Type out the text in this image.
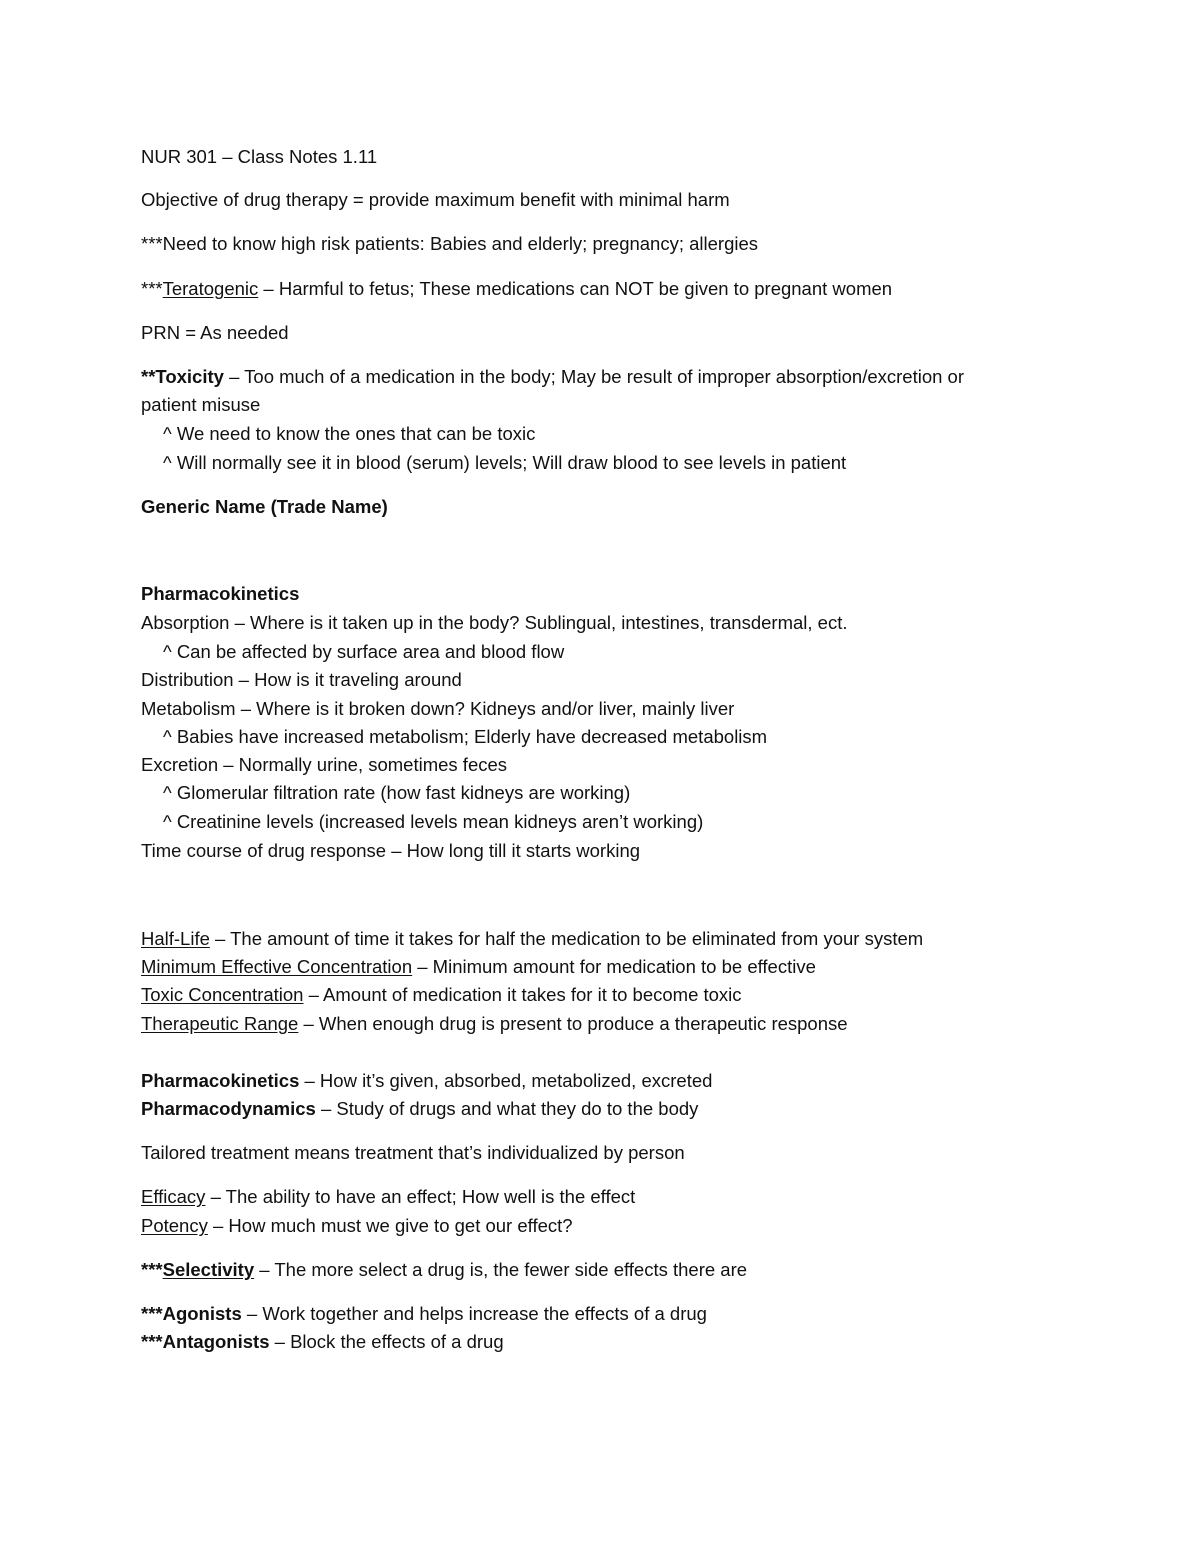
NUR 301 – Class Notes 1.11
Objective of drug therapy = provide maximum benefit with minimal harm
***Need to know high risk patients: Babies and elderly; pregnancy; allergies
***Teratogenic – Harmful to fetus; These medications can NOT be given to pregnant women
PRN = As needed
**Toxicity – Too much of a medication in the body; May be result of improper absorption/excretion or
patient misuse
^ We need to know the ones that can be toxic
^ Will normally see it in blood (serum) levels; Will draw blood to see levels in patient
Generic Name (Trade Name)
Pharmacokinetics
Absorption – Where is it taken up in the body? Sublingual, intestines, transdermal, ect.
^ Can be affected by surface area and blood flow
Distribution – How is it traveling around
Metabolism – Where is it broken down? Kidneys and/or liver, mainly liver
^ Babies have increased metabolism; Elderly have decreased metabolism
Excretion – Normally urine, sometimes feces
^ Glomerular filtration rate (how fast kidneys are working)
^ Creatinine levels (increased levels mean kidneys aren’t working)
Time course of drug response – How long till it starts working
Half-Life – The amount of time it takes for half the medication to be eliminated from your system
Minimum Effective Concentration – Minimum amount for medication to be effective
Toxic Concentration – Amount of medication it takes for it to become toxic
Therapeutic Range – When enough drug is present to produce a therapeutic response
Pharmacokinetics – How it’s given, absorbed, metabolized, excreted
Pharmacodynamics – Study of drugs and what they do to the body
Tailored treatment means treatment that’s individualized by person
Efficacy – The ability to have an effect; How well is the effect
Potency – How much must we give to get our effect?
***Selectivity – The more select a drug is, the fewer side effects there are
***Agonists – Work together and helps increase the effects of a drug
***Antagonists – Block the effects of a drug
